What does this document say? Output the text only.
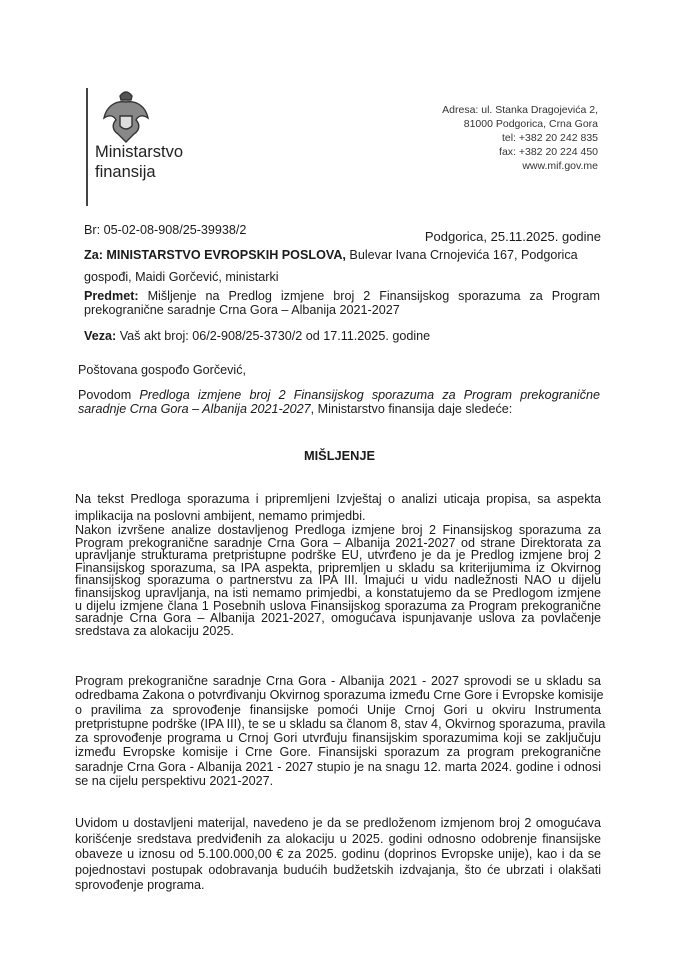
Ministarstvo
finansija
Adresa: ul. Stanka Dragojevića 2,
81000 Podgorica, Crna Gora
tel: +382 20 242 835
fax: +382 20 224 450
www.mif.gov.me
Br: 05-02-08-908/25-39938/2	Podgorica, 25.11.2025. godine
Za: MINISTARSTVO EVROPSKIH POSLOVA, Bulevar Ivana Crnojevića 167, Podgorica
gospođi, Maidi Gorčević, ministarki
Predmet: Mišljenje na Predlog izmjene broj 2 Finansijskog sporazuma za Program
prekogranične saradnje Crna Gora – Albanija 2021-2027
Veza: Vaš akt broj: 06/2-908/25-3730/2 od 17.11.2025. godine
Poštovana gospođo Gorčević,
Povodom Predloga izmjene broj 2 Finansijskog sporazuma za Program prekogranične
saradnje Crna Gora – Albanija 2021-2027, Ministarstvo finansija daje sledeće:
MIŠLJENJE
Na tekst Predloga sporazuma i pripremljeni Izvještaj o analizi uticaja propisa, sa aspekta
implikacija na poslovni ambijent, nemamo primjedbi.
Nakon izvršene analize dostavljenog Predloga izmjene broj 2 Finansijskog sporazuma za
Program prekogranične saradnje Crna Gora – Albanija 2021-2027 od strane Direktorata za
upravljanje strukturama pretpristupne podrške EU, utvrđeno je da je Predlog izmjene broj 2
Finansijskog sporazuma, sa IPA aspekta, pripremljen u skladu sa kriterijumima iz Okvirnog
finansijskog sporazuma o partnerstvu za IPA III. Imajući u vidu nadležnosti NAO u dijelu
finansijskog upravljanja, na isti nemamo primjedbi, a konstatujemo da se Predlogom izmjene
u dijelu izmjene člana 1 Posebnih uslova Finansijskog sporazuma za Program prekogranične
saradnje Crna Gora – Albanija 2021-2027, omogućava ispunjavanje uslova za povlačenje
sredstava za alokaciju 2025.
Program prekogranične saradnje Crna Gora - Albanija 2021 - 2027 sprovodi se u skladu sa
odredbama Zakona o potvrđivanju Okvirnog sporazuma između Crne Gore i Evropske komisije
o pravilima za sprovođenje finansijske pomoći Unije Crnoj Gori u okviru Instrumenta
pretpristupne podrške (IPA III), te se u skladu sa članom 8, stav 4, Okvirnog sporazuma, pravila
za sprovođenje programa u Crnoj Gori utvrđuju finansijskim sporazumima koji se zaključuju
između Evropske komisije i Crne Gore. Finansijski sporazum za program prekogranične
saradnje Crna Gora - Albanija 2021 - 2027 stupio je na snagu 12. marta 2024. godine i odnosi
se na cijelu perspektivu 2021-2027.
Uvidom u dostavljeni materijal, navedeno je da se predloženom izmjenom broj 2 omogućava
korišćenje sredstava predviđenih za alokaciju u 2025. godini odnosno odobrenje finansijske
obaveze u iznosu od 5.100.000,00 € za 2025. godinu (doprinos Evropske unije), kao i da se
pojednostavi postupak odobravanja budućih budžetskih izdvajanja, što će ubrzati i olakšati
sprovođenje programa.
